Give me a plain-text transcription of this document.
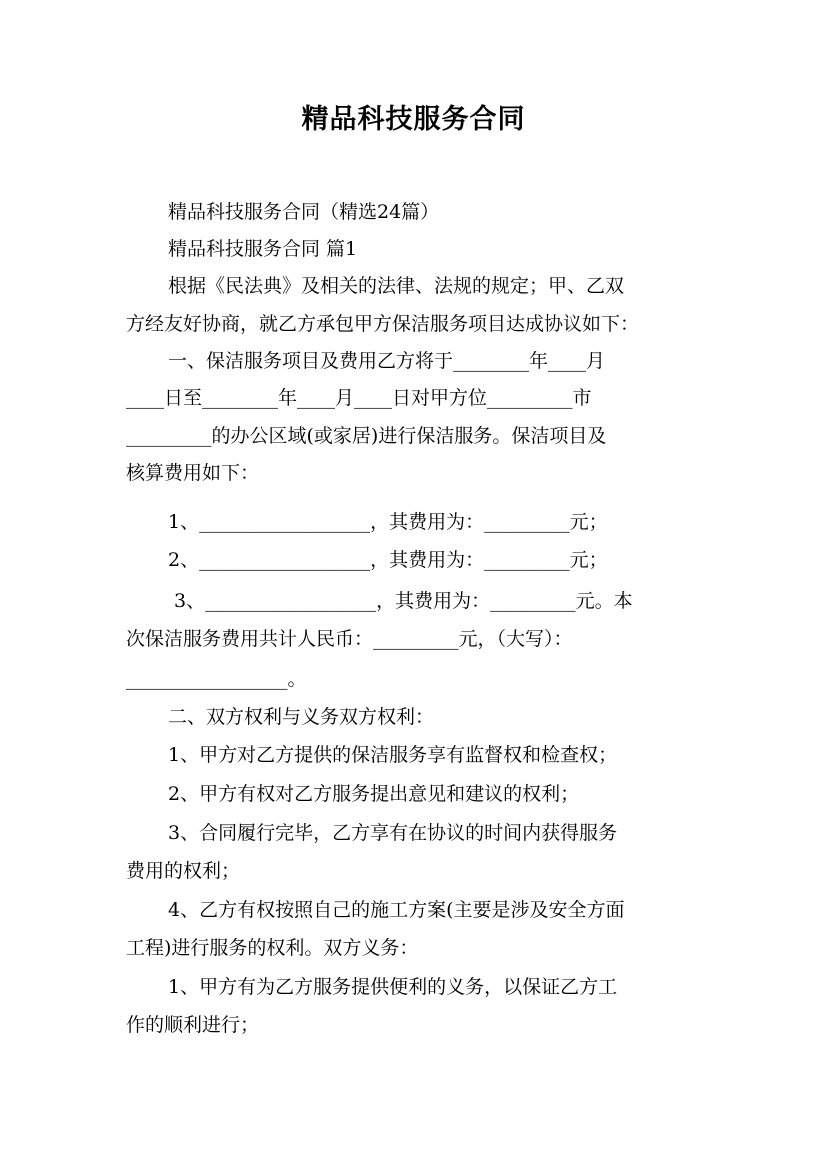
精品科技服务合同
精品科技服务合同（精选24篇）
精品科技服务合同 篇1
根据《民法典》及相关的法律、法规的规定；甲、乙双
方经友好协商，就乙方承包甲方保洁服务项目达成协议如下：
一、保洁服务项目及费用乙方将于________年____月
____日至________年____月____日对甲方位_________市
_________的办公区域(或家居)进行保洁服务。保洁项目及
核算费用如下：
1、__________________，其费用为：_________元；
2、__________________，其费用为：_________元；
3、__________________，其费用为：_________元。本
次保洁服务费用共计人民币：_________元，（大写）：
_________________。
二、双方权利与义务双方权利：
1、甲方对乙方提供的保洁服务享有监督权和检查权；
2、甲方有权对乙方服务提出意见和建议的权利；
3、合同履行完毕，乙方享有在协议的时间内获得服务
费用的权利；
4、乙方有权按照自己的施工方案(主要是涉及安全方面
工程)进行服务的权利。双方义务：
1、甲方有为乙方服务提供便利的义务，以保证乙方工
作的顺利进行；
